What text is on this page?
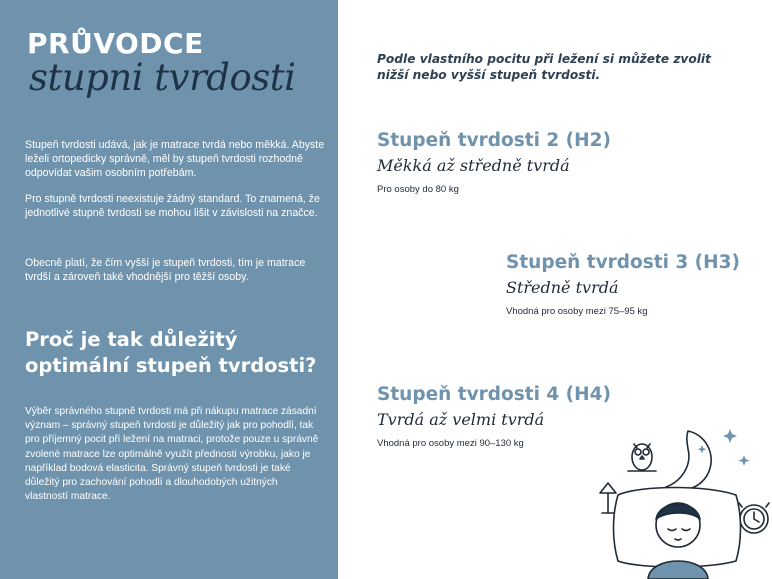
PRŮVODCE
stupni tvrdosti
Stupeň tvrdosti udává, jak je matrace tvrdá nebo měkká. Abyste leželi ortopedicky správně, měl by stupeň tvrdosti rozhodně odpovídat vašim osobním potřebám.
Pro stupně tvrdosti neexistuje žádný standard. To znamená, že jednotlivé stupně tvrdosti se mohou lišit v závislosti na značce.
Obecně platí, že čím vyšší je stupeň tvrdosti, tím je matrace tvrdší a zároveň také vhodnější pro těžší osoby.
Proč je tak důležitý optimální stupeň tvrdosti?
Výběr správného stupně tvrdosti má při nákupu matrace zásadní význam – správný stupeň tvrdosti je důležitý jak pro pohodlí, tak pro příjemný pocit při ležení na matraci, protože pouze u správně zvolené matrace lze optimálně využít přednosti výrobku, jako je například bodová elasticita. Správný stupeň tvrdosti je také důležitý pro zachování pohodlí a dlouhodobých užitných vlastností matrace.
Podle vlastního pocitu při ležení si můžete zvolit nižší nebo vyšší stupeň tvrdosti.
Stupeň tvrdosti 2 (H2)
Měkká až středně tvrdá
Pro osoby do 80 kg
Stupeň tvrdosti 3 (H3)
Středně tvrdá
Vhodná pro osoby mezi 75–95 kg
Stupeň tvrdosti 4 (H4)
Tvrdá až velmi tvrdá
Vhodná pro osoby mezi 90–130 kg
